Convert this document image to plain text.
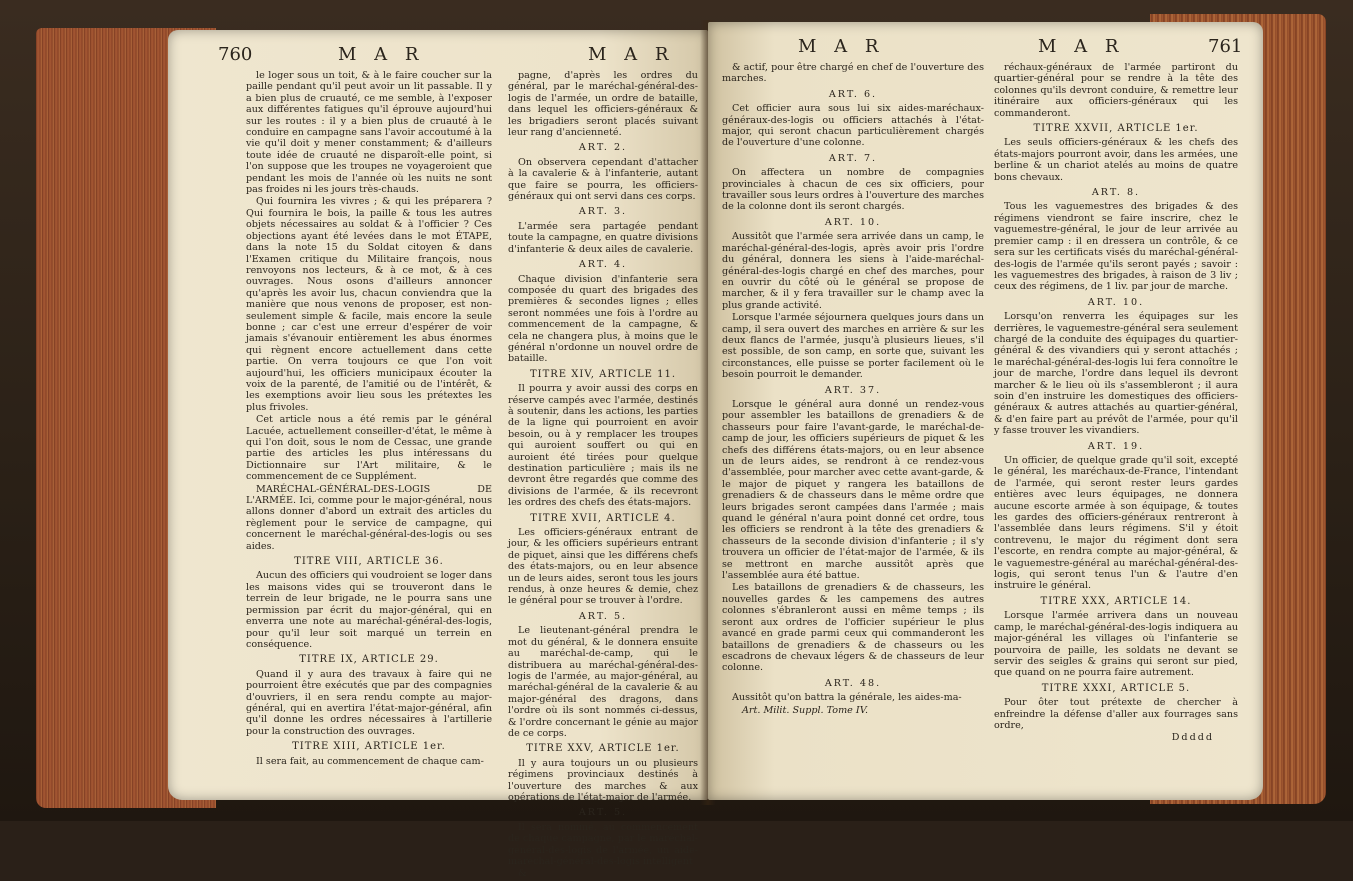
760	M A R	M A R

le loger sous un toit, & à le faire coucher sur la paille pendant qu'il peut avoir un lit passable. Il y a bien plus de cruauté, ce me semble, à l'exposer aux différentes fatigues qu'il éprouve aujourd'hui sur les routes : il y a bien plus de cruauté à le conduire en campagne sans l'avoir accoutumé à la vie qu'il doit y mener constamment; & d'ailleurs toute idée de cruauté ne disparoît-elle point, si l'on suppose que les troupes ne voyageroient que pendant les mois de l'année où les nuits ne sont pas froides ni les jours très-chauds.

Qui fournira les vivres ; & qui les préparera ? Qui fournira le bois, la paille & tous les autres objets nécessaires au soldat & à l'officier ? Ces objections ayant été levées dans le mot ÉTAPE, dans la note 15 du Soldat citoyen & dans l'Examen critique du Militaire françois, nous renvoyons nos lecteurs, & à ce mot, & à ces ouvrages. Nous osons d'ailleurs annoncer qu'après les avoir lus, chacun conviendra que la manière que nous venons de proposer, est non-seulement simple & facile, mais encore la seule bonne ; car c'est une erreur d'espérer de voir jamais s'évanouir entièrement les abus énormes qui règnent encore actuellement dans cette partie. On verra toujours ce que l'on voit aujourd'hui, les officiers municipaux écouter la voix de la parenté, de l'amitié ou de l'intérêt, & les exemptions avoir lieu sous les prétextes les plus frivoles.

Cet article nous a été remis par le général Lacuée, actuellement conseiller-d'état, le même à qui l'on doit, sous le nom de Cessac, une grande partie des articles les plus intéressans du Dictionnaire sur l'Art militaire, & le commencement de ce Supplément.

MARÉCHAL-GÉNÉRAL-DES-LOGIS DE L'ARMÉE. Ici, comme pour le major-général, nous allons donner d'abord un extrait des articles du règlement pour le service de campagne, qui concernent le maréchal-général-des-logis ou ses aides.

TITRE VIII, ARTICLE 36.

Aucun des officiers qui voudroient se loger dans les maisons vides qui se trouveront dans le terrein de leur brigade, ne le pourra sans une permission par écrit du major-général, qui en enverra une note au maréchal-général-des-logis, pour qu'il leur soit marqué un terrein en conséquence.

TITRE IX, ARTICLE 29.

Quand il y aura des travaux à faire qui ne pourroient être exécutés que par des compagnies d'ouvriers, il en sera rendu compte au major-général, qui en avertira l'état-major-général, afin qu'il donne les ordres nécessaires à l'artillerie pour la construction des ouvrages.

TITRE XIII, ARTICLE 1er.

Il sera fait, au commencement de chaque cam-

pagne, d'après les ordres du général, par le maréchal-général-des-logis de l'armée, un ordre de bataille, dans lequel les officiers-généraux & les brigadiers seront placés suivant leur rang d'ancienneté.

ART. 2.

On observera cependant d'attacher à la cavalerie & à l'infanterie, autant que faire se pourra, les officiers-généraux qui ont servi dans ces corps.

ART. 3.

L'armée sera partagée pendant toute la campagne, en quatre divisions d'infanterie & deux ailes de cavalerie.

ART. 4.

Chaque division d'infanterie sera composée du quart des brigades des premières & secondes lignes ; elles seront nommées une fois à l'ordre au commencement de la campagne, & cela ne changera plus, à moins que le général n'ordonne un nouvel ordre de bataille.

TITRE XIV, ARTICLE 11.

Il pourra y avoir aussi des corps en réserve campés avec l'armée, destinés à soutenir, dans les actions, les parties de la ligne qui pourroient en avoir besoin, ou à y remplacer les troupes qui auroient souffert ou qui en auroient été tirées pour quelque destination particulière ; mais ils ne devront être regardés que comme des divisions de l'armée, & ils recevront les ordres des chefs des états-majors.

TITRE XVII, ARTICLE 4.

Les officiers-généraux entrant de jour, & les officiers supérieurs entrant de piquet, ainsi que les différens chefs des états-majors, ou en leur absence un de leurs aides, seront tous les jours rendus, à onze heures & demie, chez le général pour se trouver à l'ordre.

ART. 5.

Le lieutenant-général prendra le mot du général, & le donnera ensuite au maréchal-de-camp, qui le distribuera au maréchal-général-des-logis de l'armée, au major-général, au maréchal-général de la cavalerie & au major-général des dragons, dans l'ordre où ils sont nommés ci-dessus, & l'ordre concernant le génie au major de ce corps.

TITRE XXV, ARTICLE 1er.

Il y aura toujours un ou plusieurs régimens provinciaux destinés à l'ouverture des marches & aux opérations de l'état-major de l'armée.

ART. 5.

Il sera nommé, au commencement de chaque campagne, par le maréchal-général-des-logis de l'armée, un aide-maréchal-général-des-logis intelligent

&

M A R	M A R	761

& actif, pour être chargé en chef de l'ouverture des marches.

ART. 6.

Cet officier aura sous lui six aides-maréchaux-généraux-des-logis ou officiers attachés à l'état-major, qui seront chacun particulièrement chargés de l'ouverture d'une colonne.

ART. 7.

On affectera un nombre de compagnies provinciales à chacun de ces six officiers, pour travailler sous leurs ordres à l'ouverture des marches de la colonne dont ils seront chargés.

ART. 10.

Aussitôt que l'armée sera arrivée dans un camp, le maréchal-général-des-logis, après avoir pris l'ordre du général, donnera les siens à l'aide-maréchal-général-des-logis chargé en chef des marches, pour en ouvrir du côté où le général se propose de marcher, & il y fera travailler sur le champ avec la plus grande activité.

Lorsque l'armée séjournera quelques jours dans un camp, il sera ouvert des marches en arrière & sur les deux flancs de l'armée, jusqu'à plusieurs lieues, s'il est possible, de son camp, en sorte que, suivant les circonstances, elle puisse se porter facilement où le besoin pourroit le demander.

ART. 37.

Lorsque le général aura donné un rendez-vous pour assembler les bataillons de grenadiers & de chasseurs pour faire l'avant-garde, le maréchal-de-camp de jour, les officiers supérieurs de piquet & les chefs des différens états-majors, ou en leur absence un de leurs aides, se rendront à ce rendez-vous d'assemblée, pour marcher avec cette avant-garde, & le major de piquet y rangera les bataillons de grenadiers & de chasseurs dans le même ordre que leurs brigades seront campées dans l'armée ; mais quand le général n'aura point donné cet ordre, tous les officiers se rendront à la tête des grenadiers & chasseurs de la seconde division d'infanterie ; il s'y trouvera un officier de l'état-major de l'armée, & ils se mettront en marche aussitôt après que l'assemblée aura été battue.

Les bataillons de grenadiers & de chasseurs, les nouvelles gardes & les campemens des autres colonnes s'ébranleront aussi en même temps ; ils seront aux ordres de l'officier supérieur le plus avancé en grade parmi ceux qui commanderont les bataillons de grenadiers & de chasseurs ou les escadrons de chevaux légers & de chasseurs de leur colonne.

ART. 48.

Aussitôt qu'on battra la générale, les aides-ma-

Art. Milit. Suppl. Tome IV.

réchaux-généraux de l'armée partiront du quartier-général pour se rendre à la tête des colonnes qu'ils devront conduire, & remettre leur itinéraire aux officiers-généraux qui les commanderont.

TITRE XXVII, ARTICLE 1er.

Les seuls officiers-généraux & les chefs des états-majors pourront avoir, dans les armées, une berline & un chariot atelés au moins de quatre bons chevaux.

ART. 8.

Tous les vaguemestres des brigades & des régimens viendront se faire inscrire, chez le vaguemestre-général, le jour de leur arrivée au premier camp : il en dressera un contrôle, & ce sera sur les certificats visés du maréchal-général-des-logis de l'armée qu'ils seront payés ; savoir : les vaguemestres des brigades, à raison de 3 liv ; ceux des régimens, de 1 liv. par jour de marche.

ART. 10.

Lorsqu'on renverra les équipages sur les derrières, le vaguemestre-général sera seulement chargé de la conduite des équipages du quartier-général & des vivandiers qui y seront attachés ; le maréchal-général-des-logis lui fera connoître le jour de marche, l'ordre dans lequel ils devront marcher & le lieu où ils s'assembleront ; il aura soin d'en instruire les domestiques des officiers-généraux & autres attachés au quartier-général, & d'en faire part au prévôt de l'armée, pour qu'il y fasse trouver les vivandiers.

ART. 19.

Un officier, de quelque grade qu'il soit, excepté le général, les maréchaux-de-France, l'intendant de l'armée, qui seront rester leurs gardes entières avec leurs équipages, ne donnera aucune escorte armée à son équipage, & toutes les gardes des officiers-généraux rentreront à l'assemblée dans leurs régimens. S'il y étoit contrevenu, le major du régiment dont sera l'escorte, en rendra compte au major-général, & le vaguemestre-général au maréchal-général-des-logis, qui seront tenus l'un & l'autre d'en instruire le général.

TITRE XXX, ARTICLE 14.

Lorsque l'armée arrivera dans un nouveau camp, le maréchal-général-des-logis indiquera au major-général les villages où l'infanterie se pourvoira de paille, les soldats ne devant se servir des seigles & grains qui seront sur pied, que quand on ne pourra faire autrement.

TITRE XXXI, ARTICLE 5.

Pour ôter tout prétexte de chercher à enfreindre la défense d'aller aux fourrages sans ordre,

Ddddd
